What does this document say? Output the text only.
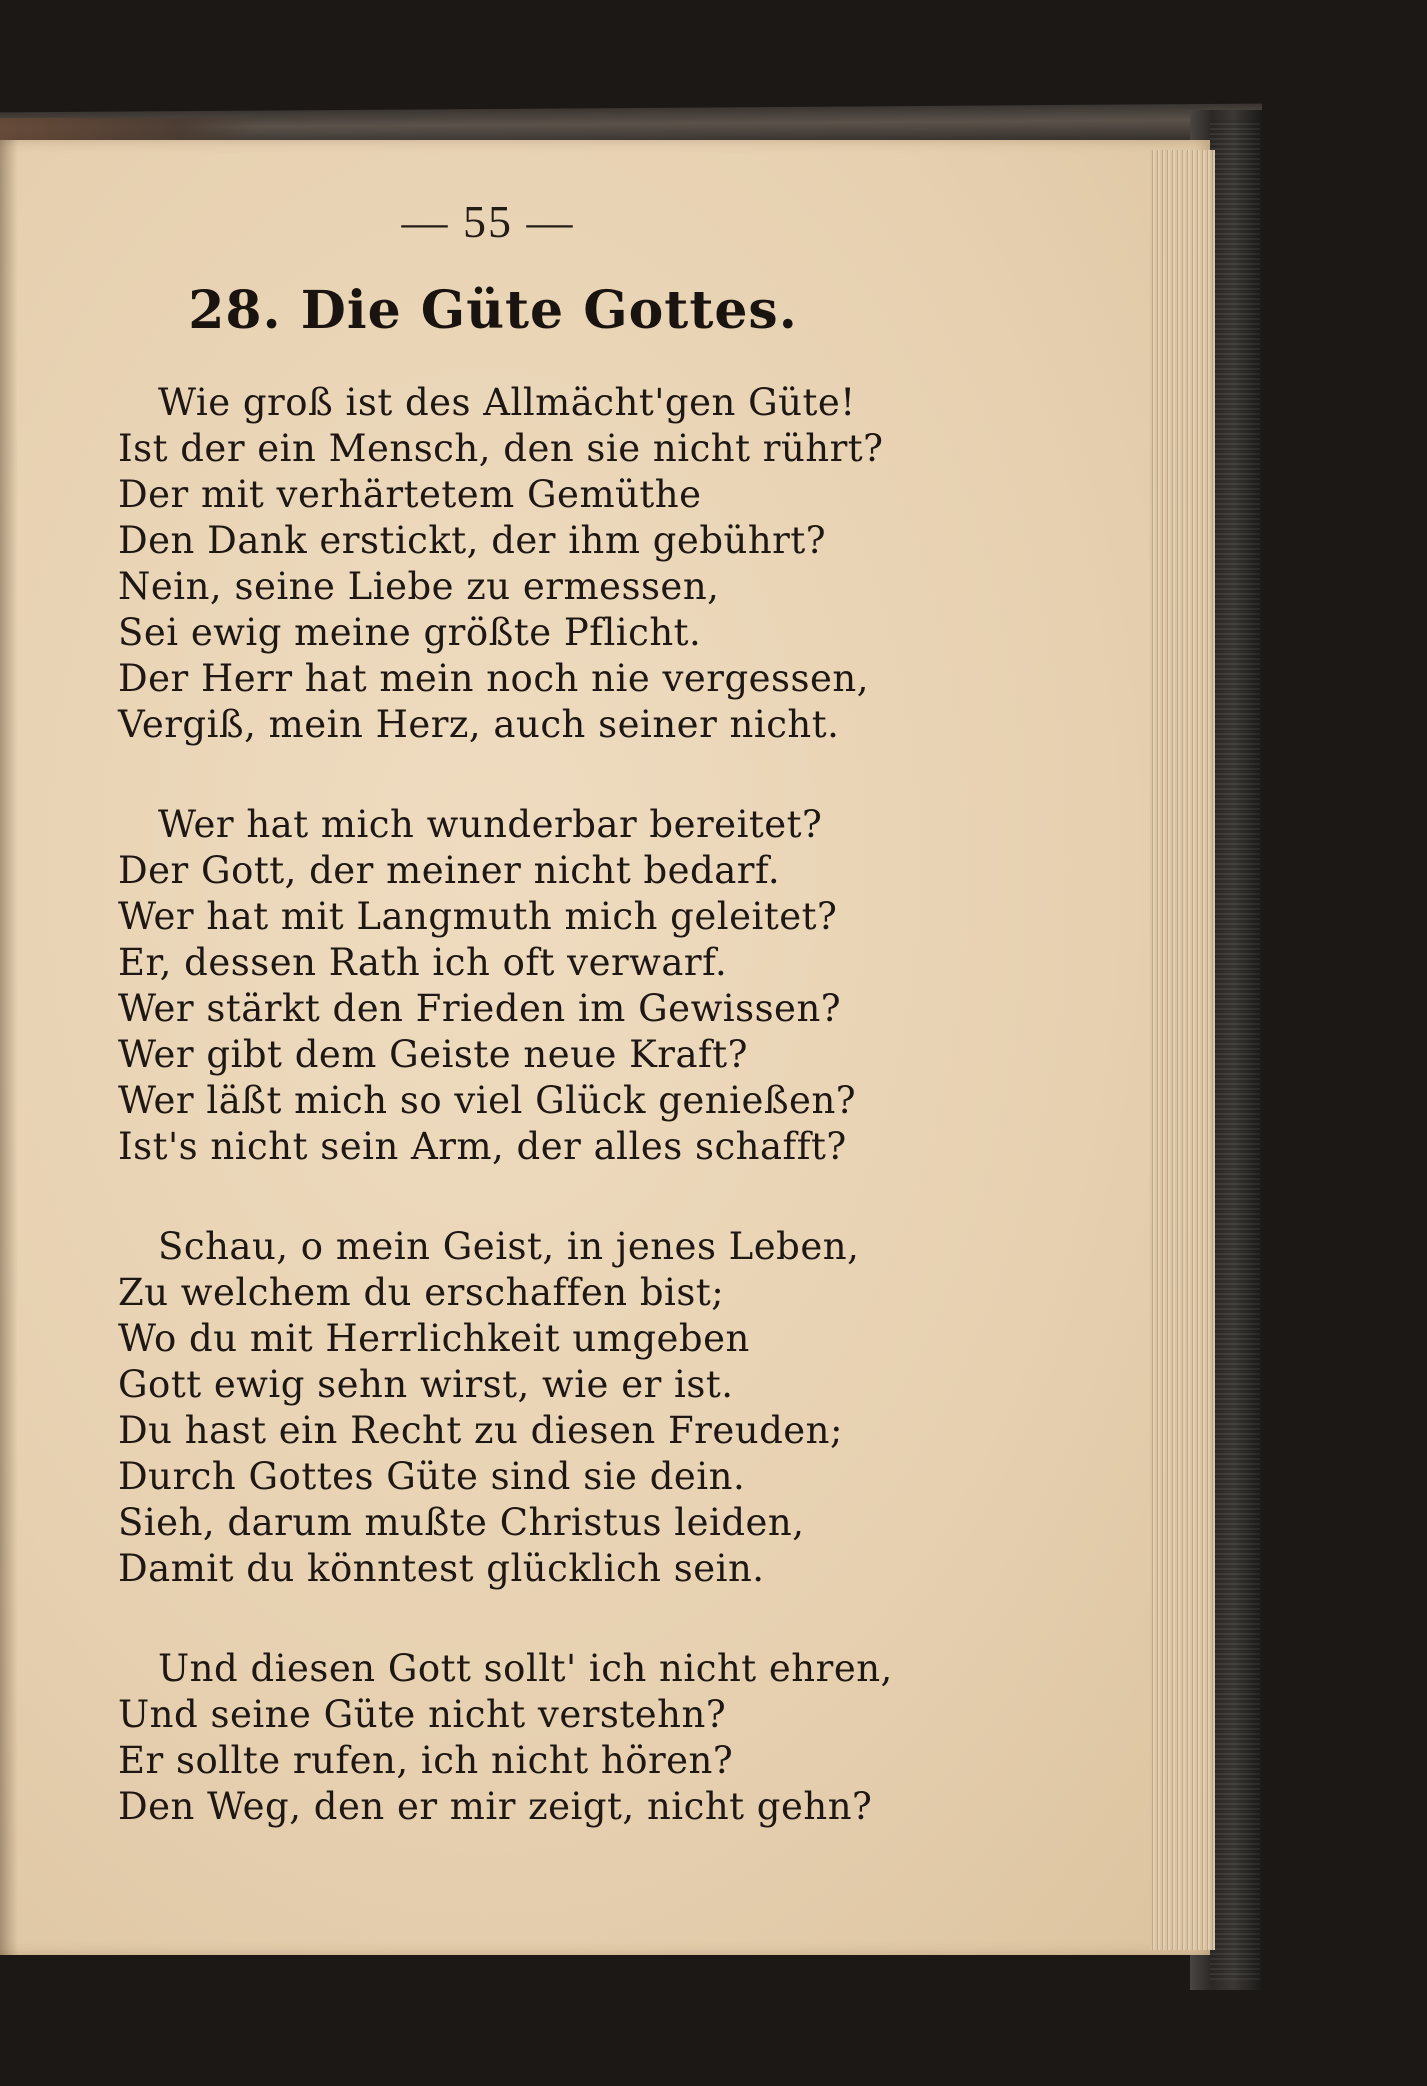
— 55 —
28. Die Güte Gottes.
Wie groß ist des Allmächt'gen Güte!
Ist der ein Mensch, den sie nicht rührt?
Der mit verhärtetem Gemüthe
Den Dank erstickt, der ihm gebührt?
Nein, seine Liebe zu ermessen,
Sei ewig meine größte Pflicht.
Der Herr hat mein noch nie vergessen,
Vergiß, mein Herz, auch seiner nicht.
Wer hat mich wunderbar bereitet?
Der Gott, der meiner nicht bedarf.
Wer hat mit Langmuth mich geleitet?
Er, dessen Rath ich oft verwarf.
Wer stärkt den Frieden im Gewissen?
Wer gibt dem Geiste neue Kraft?
Wer läßt mich so viel Glück genießen?
Ist's nicht sein Arm, der alles schafft?
Schau, o mein Geist, in jenes Leben,
Zu welchem du erschaffen bist;
Wo du mit Herrlichkeit umgeben
Gott ewig sehn wirst, wie er ist.
Du hast ein Recht zu diesen Freuden;
Durch Gottes Güte sind sie dein.
Sieh, darum mußte Christus leiden,
Damit du könntest glücklich sein.
Und diesen Gott sollt' ich nicht ehren,
Und seine Güte nicht verstehn?
Er sollte rufen, ich nicht hören?
Den Weg, den er mir zeigt, nicht gehn?
